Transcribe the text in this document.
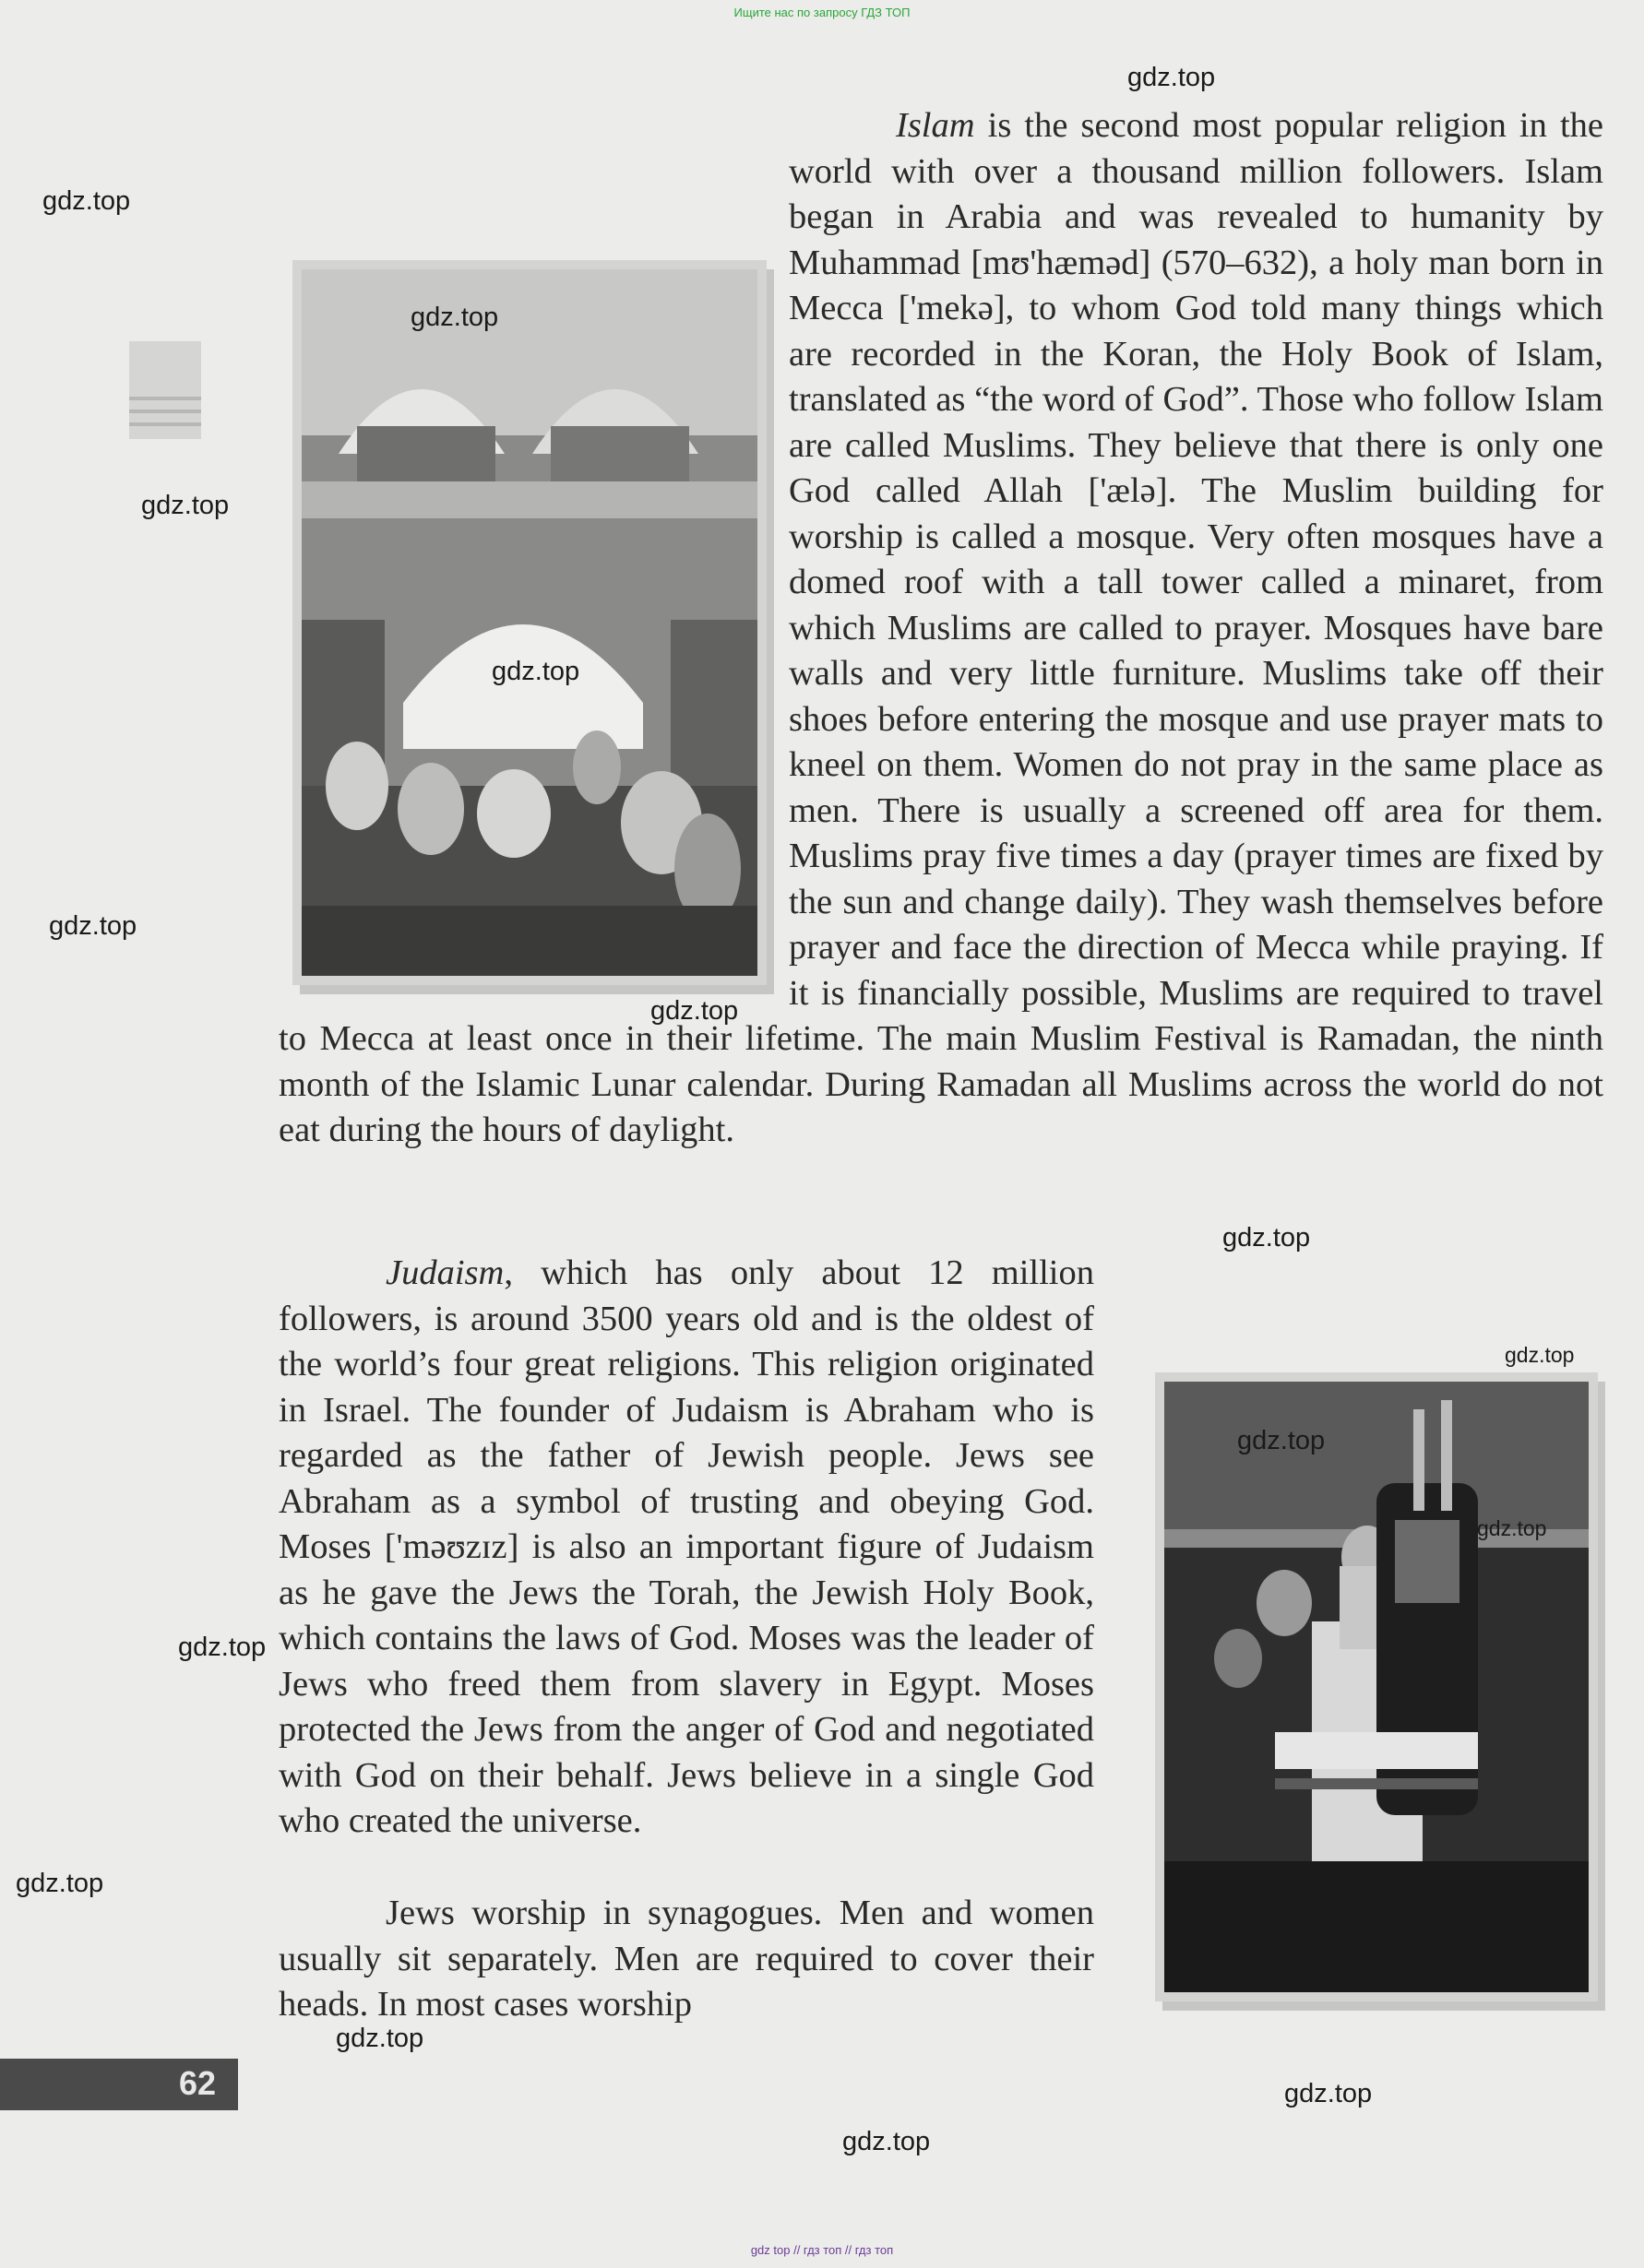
Ищите нас по запросу ГДЗ ТОП
Islam is the second most popular religion in the world with over a thousand million followers. Islam began in Arabia and was revealed to humanity by Muhammad [mʊ'hæməd] (570–632), a holy man born in Mecca ['mekə], to whom God told many things which are recorded in the Koran, the Holy Book of Islam, translated as “the word of God”. Those who follow Islam are called Muslims. They believe that there is only one God called Allah ['ælə]. The Muslim building for worship is called a mosque. Very often mosques have a domed roof with a tall tower called a minaret, from which Muslims are called to prayer. Mosques have bare walls and very little furniture. Muslims take off their shoes before entering the mosque and use prayer mats to kneel on them. Women do not pray in the same place as men. There is usually a screened off area for them. Muslims pray five times a day (prayer times are fixed by the sun and change daily). They wash themselves before prayer and face the direction of Mecca while praying. If it is financially possible, Muslims are required to travel to Mecca at least once in their lifetime. The main Muslim Festival is Ramadan, the ninth month of the Islamic Lunar calendar. During Ramadan all Muslims across the world do not eat during the hours of daylight.
Judaism, which has only about 12 million followers, is around 3500 years old and is the oldest of the world’s four great religions. This religion originated in Israel. The founder of Judaism is Abraham who is regarded as the father of Jewish people. Jews see Abraham as a symbol of trusting and obeying God. Moses ['məʊzɪz] is also an important figure of Judaism as he gave the Jews the Torah, the Jewish Holy Book, which contains the laws of God. Moses was the leader of Jews who freed them from slavery in Egypt. Moses protected the Jews from the anger of God and negotiated with God on their behalf. Jews believe in a single God who created the universe.
Jews worship in synagogues. Men and women usually sit separately. Men are required to cover their heads. In most cases worship
62
gdz.top
gdz.top
gdz.top
gdz.top
gdz.top
gdz.top
gdz.top
gdz.top
gdz.top
gdz.top
gdz.top
gdz.top
gdz.top
gdz.top
gdz.top
gdz.top
gdz top // гдз топ // гдз топ
